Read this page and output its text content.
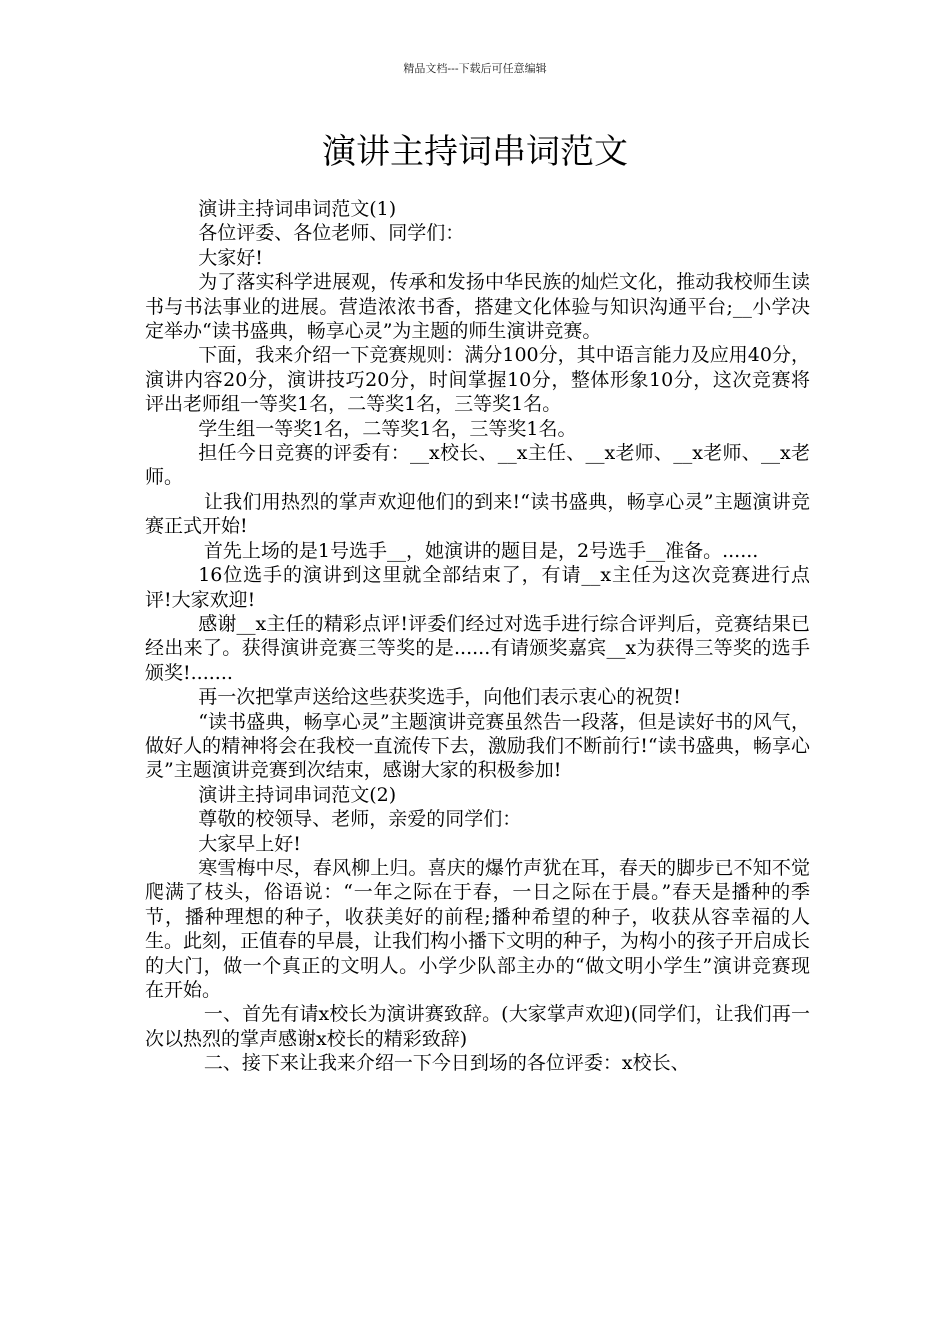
精品文档---下载后可任意编辑
演讲主持词串词范文

演讲主持词串词范文(1)

各位评委、各位老师、同学们：

大家好!

为了落实科学进展观，传承和发扬中华民族的灿烂文化，推动我校师生读书与书法事业的进展。营造浓浓书香，搭建文化体验与知识沟通平台;__小学决定举办“读书盛典，畅享心灵”为主题的师生演讲竞赛。

下面，我来介绍一下竞赛规则：满分100分，其中语言能力及应用40分，演讲内容20分，演讲技巧20分，时间掌握10分，整体形象10分，这次竞赛将评出老师组一等奖1名，二等奖1名，三等奖1名。

学生组一等奖1名，二等奖1名，三等奖1名。

担任今日竞赛的评委有：__x校长、__x主任、__x老师、__x老师、__x老师。

让我们用热烈的掌声欢迎他们的到来!“读书盛典，畅享心灵”主题演讲竞赛正式开始!

首先上场的是1号选手__，她演讲的题目是，2号选手__准备。......

16位选手的演讲到这里就全部结束了，有请__x主任为这次竞赛进行点评!大家欢迎!

感谢__x主任的精彩点评!评委们经过对选手进行综合评判后，竞赛结果已经出来了。获得演讲竞赛三等奖的是......有请颁奖嘉宾__x为获得三等奖的选手颁奖!.......

再一次把掌声送给这些获奖选手，向他们表示衷心的祝贺!

“读书盛典，畅享心灵”主题演讲竞赛虽然告一段落，但是读好书的风气，做好人的精神将会在我校一直流传下去，激励我们不断前行!“读书盛典，畅享心灵”主题演讲竞赛到次结束，感谢大家的积极参加!

演讲主持词串词范文(2)

尊敬的校领导、老师，亲爱的同学们：

大家早上好!

寒雪梅中尽，春风柳上归。喜庆的爆竹声犹在耳，春天的脚步已不知不觉爬满了枝头，俗语说：“一年之际在于春，一日之际在于晨。”春天是播种的季节，播种理想的种子，收获美好的前程;播种希望的种子，收获从容幸福的人生。此刻，正值春的早晨，让我们构小播下文明的种子，为构小的孩子开启成长的大门，做一个真正的文明人。小学少队部主办的“做文明小学生”演讲竞赛现在开始。

一、首先有请x校长为演讲赛致辞。(大家掌声欢迎)(同学们，让我们再一次以热烈的掌声感谢x校长的精彩致辞)

二、接下来让我来介绍一下今日到场的各位评委：x校长、
